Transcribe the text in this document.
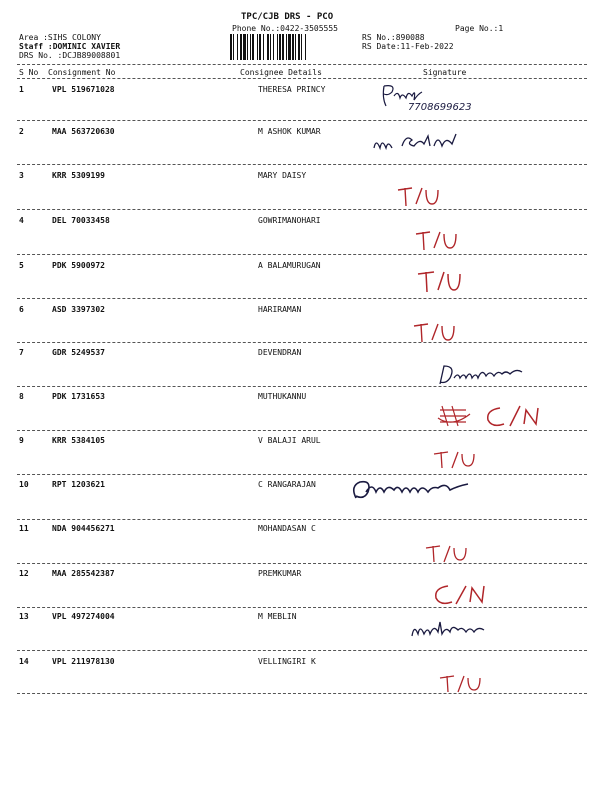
TPC/CJB DRS - PCO
Phone No.:0422-3505555	Page No.:1
Area :SIHS COLONY
Staff :DOMINIC XAVIER
DRS No. :DCJB89008801
RS No.:890088
RS Date:11-Feb-2022
S No Consignment No	Consignee Details	Signature
1	VPL 519671028	THERESA PRINCY
2	MAA 563720630	M ASHOK KUMAR
3	KRR 5309199	MARY DAISY
4	DEL 70033458	GOWRIMANOHARI
5	PDK 5900972	A BALAMURUGAN
6	ASD 3397302	HARIRAMAN
7	GDR 5249537	DEVENDRAN
8	PDK 1731653	MUTHUKANNU
9	KRR 5384105	V BALAJI ARUL
10	RPT 1203621	C RANGARAJAN
11	NDA 904456271	MOHANDASAN C
12	MAA 285542387	PREMKUMAR
13	VPL 497274004	M MEBLIN
14	VPL 211978130	VELLINGIRI K
7708699623
